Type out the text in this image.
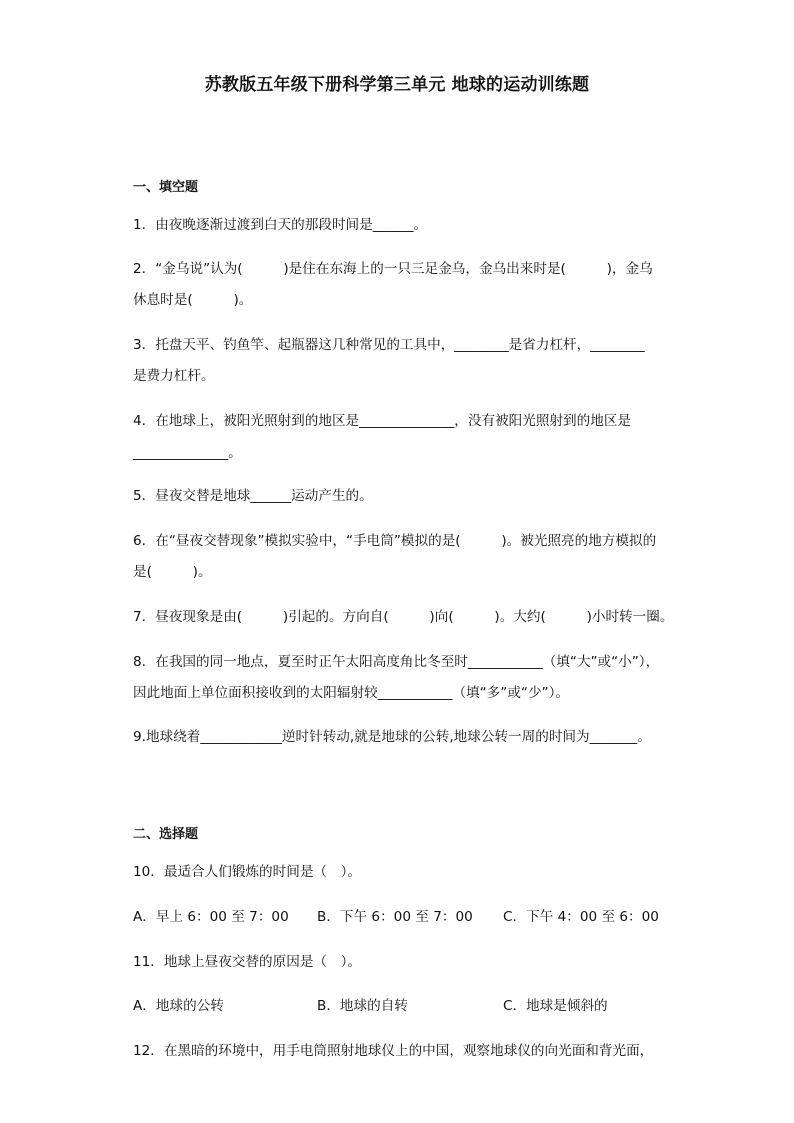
苏教版五年级下册科学第三单元 地球的运动训练题
一、填空题
1．由夜晚逐渐过渡到白天的那段时间是______。
2．“金乌说”认为(　　　)是住在东海上的一只三足金乌，金乌出来时是(　　　)，金乌
休息时是(　　　)。
3．托盘天平、钓鱼竿、起瓶器这几种常见的工具中，________是省力杠杆，________
是费力杠杆。
4．在地球上，被阳光照射到的地区是______________，没有被阳光照射到的地区是
______________。
5．昼夜交替是地球______运动产生的。
6．在“昼夜交替现象”模拟实验中，“手电筒”模拟的是(　　　)。被光照亮的地方模拟的
是(　　　)。
7．昼夜现象是由(　　　)引起的。方向自(　　　)向(　　　)。大约(　　　)小时转一圈。
8．在我国的同一地点，夏至时正午太阳高度角比冬至时___________（填“大”或“小”），
因此地面上单位面积接收到的太阳辐射较___________（填“多”或“少”）。
9.地球绕着____________逆时针转动,就是地球的公转,地球公转一周的时间为_______。
二、选择题
10．最适合人们锻炼的时间是（　）。
A．早上 6：00 至 7：00 B．下午 6：00 至 7：00 C．下午 4：00 至 6：00
11．地球上昼夜交替的原因是（　）。
A．地球的公转	B．地球的自转	C．地球是倾斜的
12．在黑暗的环境中，用手电筒照射地球仪上的中国，观察地球仪的向光面和背光面，
